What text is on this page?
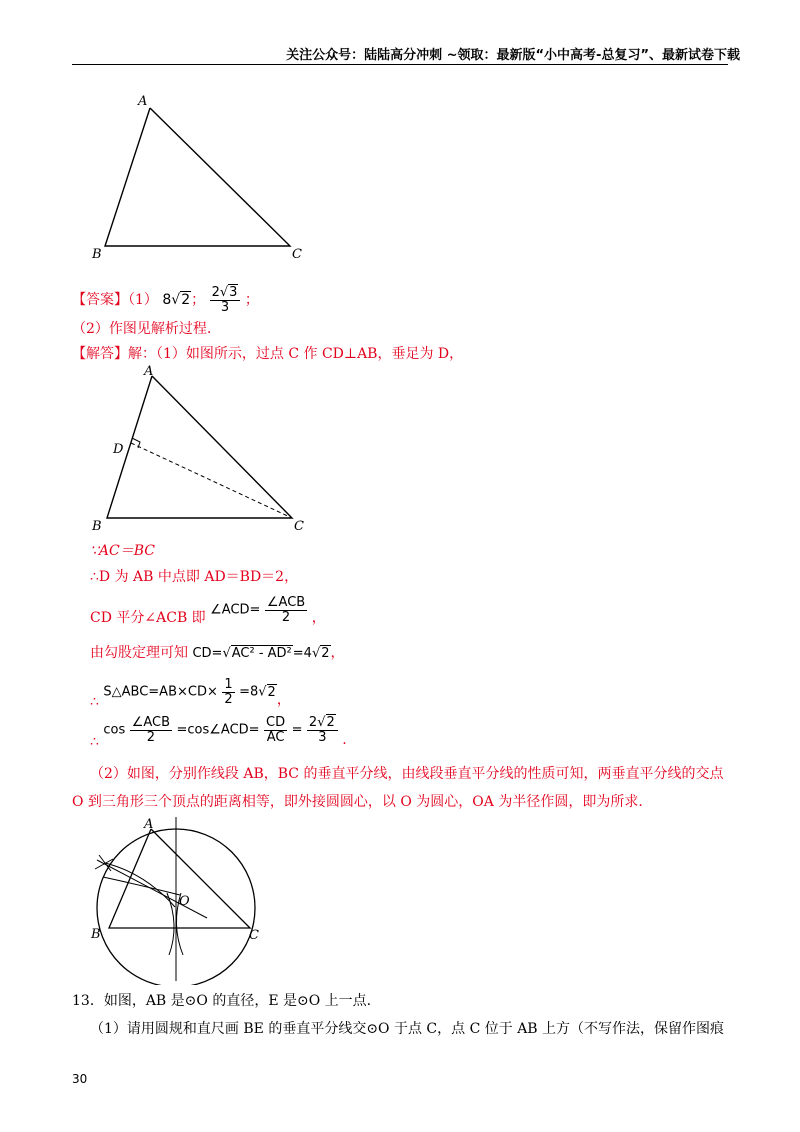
关注公众号：陆陆高分冲刺 ~领取：最新版“小中高考-总复习”、最新试卷下载
A
B	C
【答案】（1） 8√2； $\frac{2√3}{3}$ ；
（2）作图见解析过程.
【解答】解：（1）如图所示，过点 C 作 CD⊥AB，垂足为 D，
A
D
B	C
∵AC＝BC
∴D 为 AB 中点即 AD＝BD＝2，
CD 平分∠ACB 即 ∠ACD= $\frac{\text{∠ACB}}{2}$ ，
由勾股定理可知 CD=√AC² - AD²=4√2，
∴ S△ABC=AB×CD× $\frac{1}{2} =8√2$，
∴ $\cos \frac{\text{∠ACB}}{2}$ =cos∠ACD= $\frac{CD}{AC} = \frac{2√2}{3}$ .
（2）如图，分别作线段 AB，BC 的垂直平分线，由线段垂直平分线的性质可知，两垂直平分线的交点
O 到三角形三个顶点的距离相等，即外接圆圆心，以 O 为圆心，OA 为半径作圆，即为所求.
A
O
B	C
13．如图，AB 是⊙O 的直径，E 是⊙O 上一点.
（1）请用圆规和直尺画 BE 的垂直平分线交⊙O 于点 C，点 C 位于 AB 上方（不写作法，保留作图痕
30
